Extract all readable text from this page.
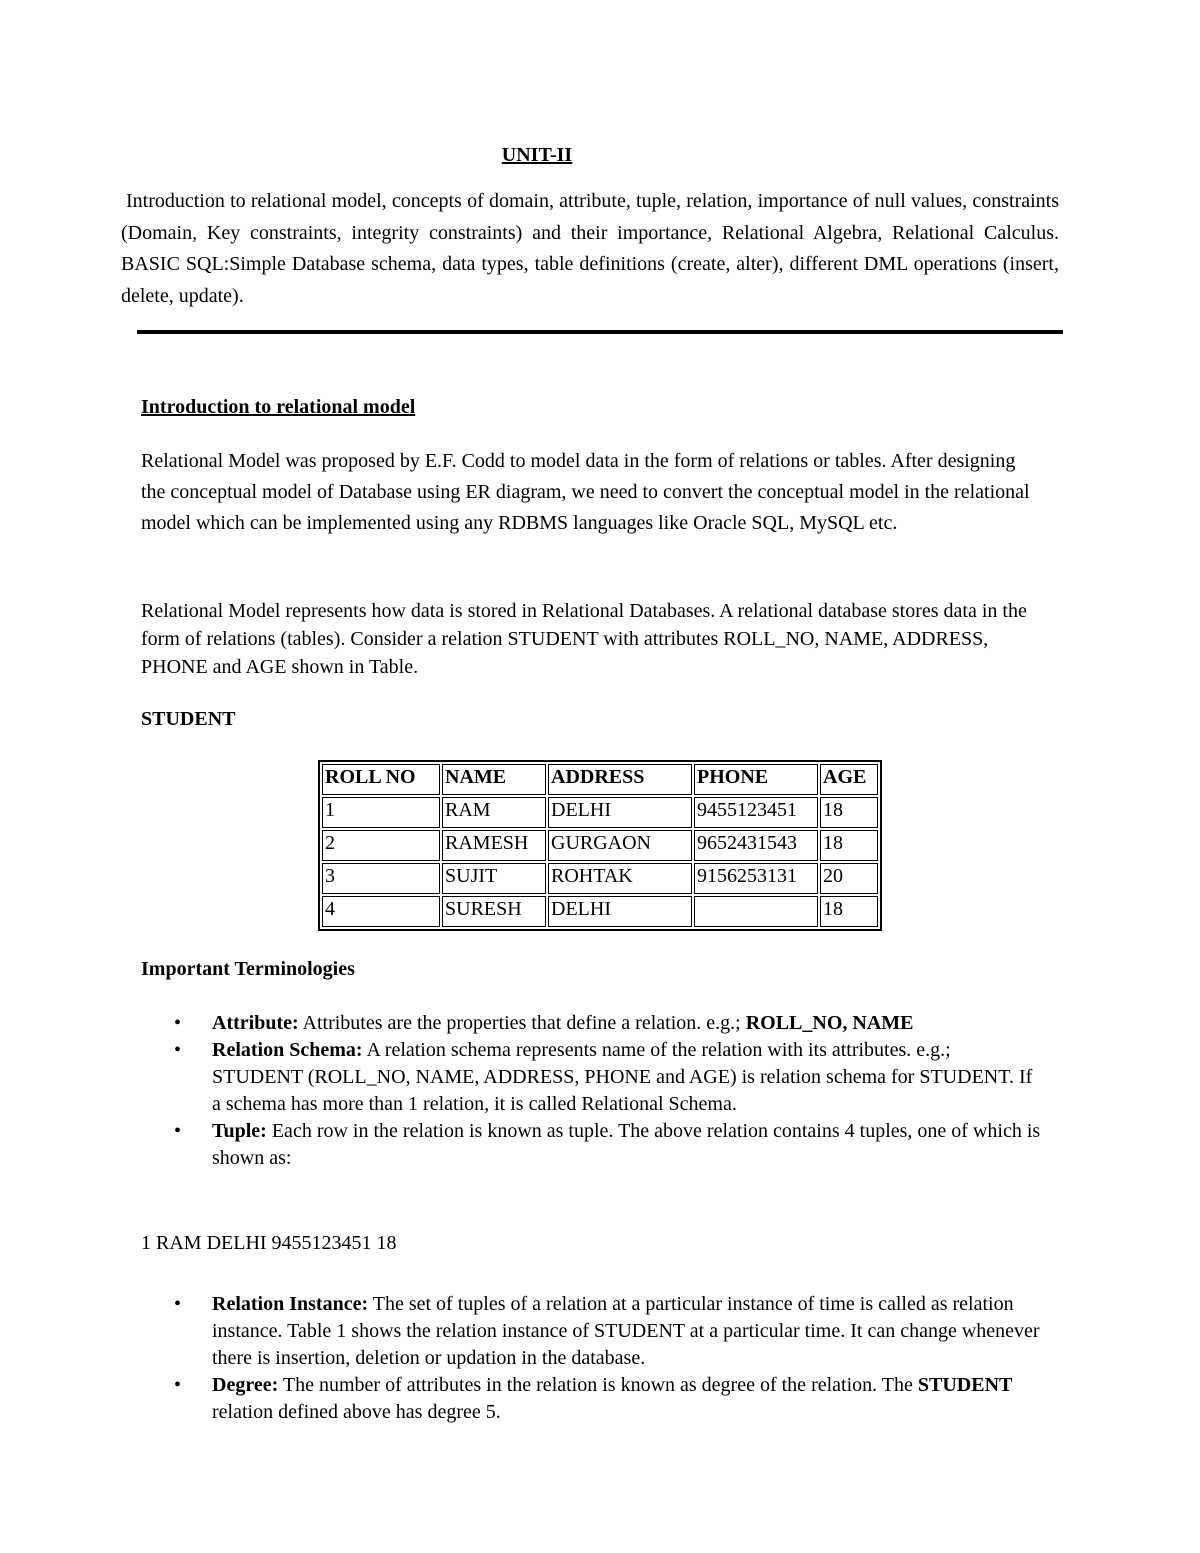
UNIT-II

Introduction to relational model, concepts of domain, attribute, tuple, relation, importance of null values, constraints (Domain, Key constraints, integrity constraints) and their importance, Relational Algebra, Relational Calculus. BASIC SQL:Simple Database schema, data types, table definitions (create, alter), different DML operations (insert, delete, update).

Introduction to relational model

Relational Model was proposed by E.F. Codd to model data in the form of relations or tables. After designing the conceptual model of Database using ER diagram, we need to convert the conceptual model in the relational model which can be implemented using any RDBMS languages like Oracle SQL, MySQL etc.

Relational Model represents how data is stored in Relational Databases. A relational database stores data in the form of relations (tables). Consider a relation STUDENT with attributes ROLL_NO, NAME, ADDRESS, PHONE and AGE shown in Table.

STUDENT
ROLL NO	NAME	ADDRESS	PHONE	AGE
1	RAM	DELHI	9455123451	18
2	RAMESH	GURGAON	9652431543	18
3	SUJIT	ROHTAK	9156253131	20
4	SURESH	DELHI		18
Important Terminologies
• Attribute: Attributes are the properties that define a relation. e.g.; ROLL_NO, NAME
• Relation Schema: A relation schema represents name of the relation with its attributes. e.g.; STUDENT (ROLL_NO, NAME, ADDRESS, PHONE and AGE) is relation schema for STUDENT. If a schema has more than 1 relation, it is called Relational Schema.
• Tuple: Each row in the relation is known as tuple. The above relation contains 4 tuples, one of which is shown as:
1 RAM DELHI 9455123451 18
• Relation Instance: The set of tuples of a relation at a particular instance of time is called as relation instance. Table 1 shows the relation instance of STUDENT at a particular time. It can change whenever there is insertion, deletion or updation in the database.
• Degree: The number of attributes in the relation is known as degree of the relation. The STUDENT relation defined above has degree 5.
